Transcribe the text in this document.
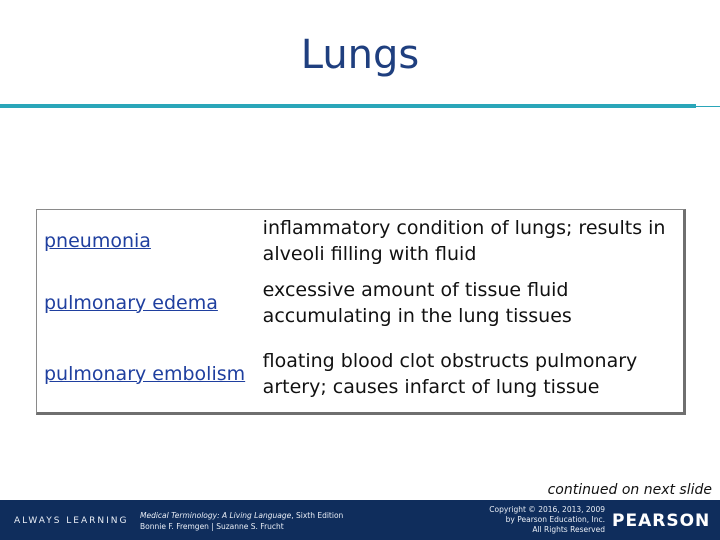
Lungs
pneumonia
inflammatory condition of lungs; results in alveoli filling with fluid
pulmonary edema
excessive amount of tissue fluid accumulating in the lung tissues
pulmonary embolism
floating blood clot obstructs pulmonary artery; causes infarct of lung tissue
continued on next slide
ALWAYS LEARNING
Medical Terminology: A Living Language, Sixth Edition
Bonnie F. Fremgen | Suzanne S. Frucht
Copyright © 2016, 2013, 2009
by Pearson Education, Inc.
All Rights Reserved PEARSON
